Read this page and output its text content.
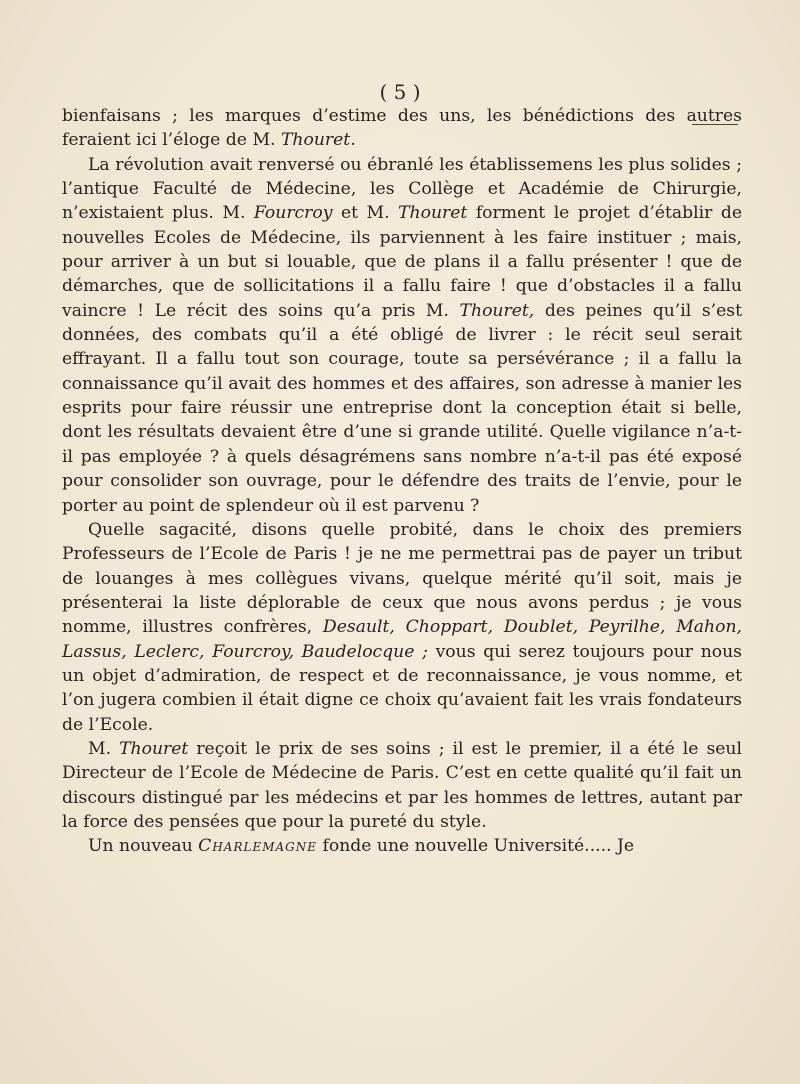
( 5 )

bienfaisans ; les marques d’estime des uns, les bénédictions des autres feraient ici l’éloge de M. Thouret.

La révolution avait renversé ou ébranlé les établissemens les plus solides ; l’antique Faculté de Médecine, les Collège et Académie de Chirurgie, n’existaient plus. M. Fourcroy et M. Thouret forment le projet d’établir de nouvelles Ecoles de Médecine, ils parviennent à les faire instituer ; mais, pour arriver à un but si louable, que de plans il a fallu présenter ! que de démarches, que de sollicitations il a fallu faire ! que d’obstacles il a fallu vaincre ! Le récit des soins qu’a pris M. Thouret, des peines qu’il s’est données, des combats qu’il a été obligé de livrer : le récit seul serait effrayant. Il a fallu tout son courage, toute sa persévérance ; il a fallu la connaissance qu’il avait des hommes et des affaires, son adresse à manier les esprits pour faire réussir une entreprise dont la conception était si belle, dont les résultats devaient être d’une si grande utilité. Quelle vigilance n’a-t-il pas employée ? à quels désagrémens sans nombre n’a-t-il pas été exposé pour consolider son ouvrage, pour le défendre des traits de l’envie, pour le porter au point de splendeur où il est parvenu ?

Quelle sagacité, disons quelle probité, dans le choix des premiers Professeurs de l’Ecole de Paris ! je ne me permettrai pas de payer un tribut de louanges à mes collègues vivans, quelque mérité qu’il soit, mais je présenterai la liste déplorable de ceux que nous avons perdus ; je vous nomme, illustres confrères, Desault, Choppart, Doublet, Peyrilhe, Mahon, Lassus, Leclerc, Fourcroy, Baudelocque ; vous qui serez toujours pour nous un objet d’admiration, de respect et de reconnaissance, je vous nomme, et l’on jugera combien il était digne ce choix qu’avaient fait les vrais fondateurs de l’Ecole.

M. Thouret reçoit le prix de ses soins ; il est le premier, il a été le seul Directeur de l’Ecole de Médecine de Paris. C’est en cette qualité qu’il fait un discours distingué par les médecins et par les hommes de lettres, autant par la force des pensées que pour la pureté du style.

Un nouveau Charlemagne fonde une nouvelle Université..... Je
